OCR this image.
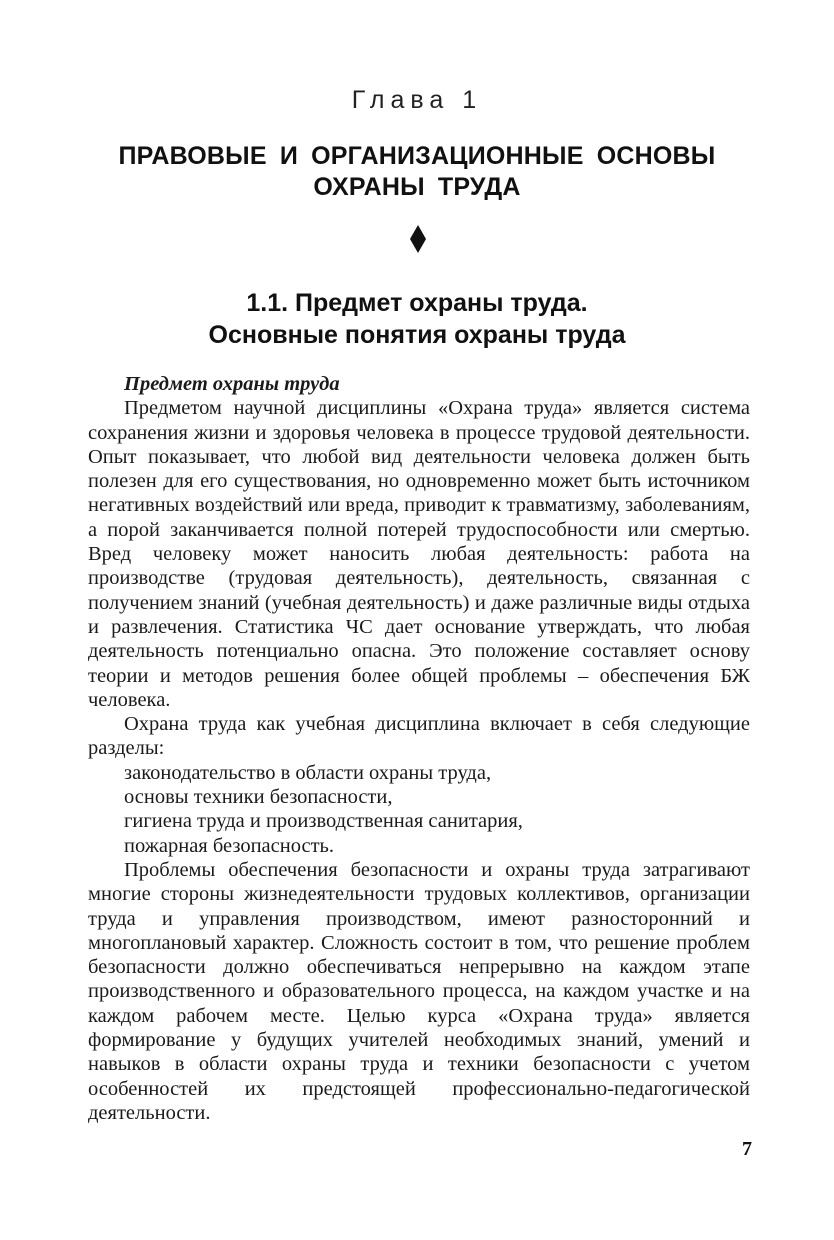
Глава 1
ПРАВОВЫЕ И ОРГАНИЗАЦИОННЫЕ ОСНОВЫ
ОХРАНЫ ТРУДА
1.1. Предмет охраны труда.
Основные понятия охраны труда

Предмет охраны труда

Предметом научной дисциплины «Охрана труда» является система сохранения жизни и здоровья человека в процессе трудовой деятельности. Опыт показывает, что любой вид деятельности человека должен быть полезен для его существования, но одновременно может быть источником негативных воздействий или вреда, приводит к травматизму, заболеваниям, а порой заканчивается полной потерей трудоспособности или смертью. Вред человеку может наносить любая деятельность: работа на производстве (трудовая деятельность), деятельность, связанная с получением знаний (учебная деятельность) и даже различные виды отдыха и развлечения. Статистика ЧС дает основание утверждать, что любая деятельность потенциально опасна. Это положение составляет основу теории и методов решения более общей проблемы – обеспечения БЖ человека.

Охрана труда как учебная дисциплина включает в себя следующие разделы:

законодательство в области охраны труда,
основы техники безопасности,
гигиена труда и производственная санитария,
пожарная безопасность.

Проблемы обеспечения безопасности и охраны труда затрагивают многие стороны жизнедеятельности трудовых коллективов, организации труда и управления производством, имеют разносторонний и многоплановый характер. Сложность состоит в том, что решение проблем безопасности должно обеспечиваться непрерывно на каждом этапе производственного и образовательного процесса, на каждом участке и на каждом рабочем месте. Целью курса «Охрана труда» является формирование у будущих учителей необходимых знаний, умений и навыков в области охраны труда и техники безопасности с учетом особенностей их предстоящей профессионально-педагогической деятельности.

7
